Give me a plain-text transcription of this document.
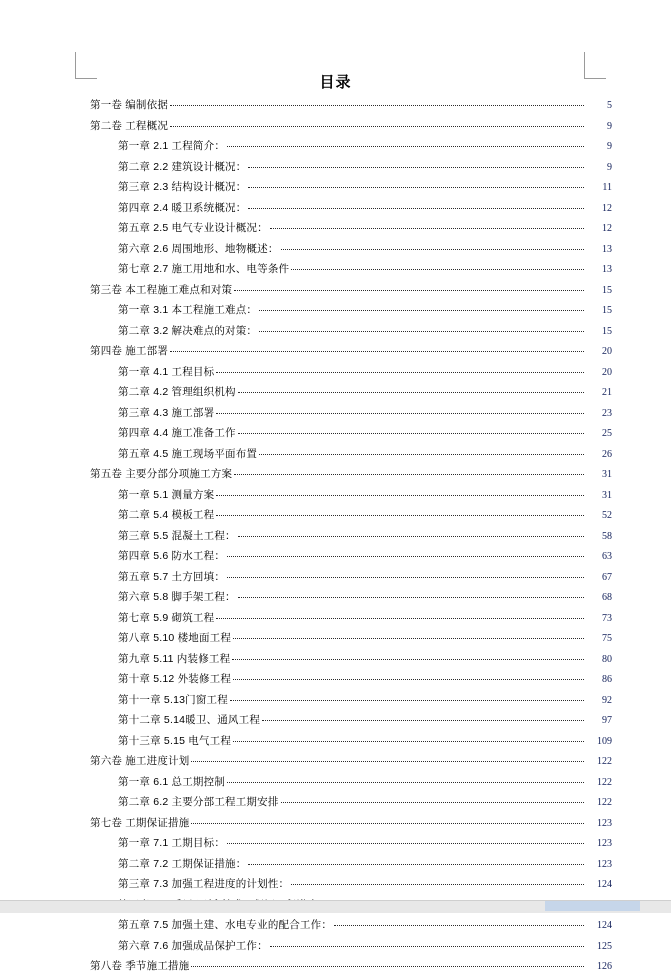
目录
第一卷 编制依据	5
第二卷 工程概况	9
第一章 2.1 工程简介：	9
第二章 2.2 建筑设计概况：	9
第三章 2.3 结构设计概况：	11
第四章 2.4 暖卫系统概况：	12
第五章 2.5 电气专业设计概况：	12
第六章 2.6 周围地形、地物概述：	13
第七章 2.7 施工用地和水、电等条件	13
第三卷 本工程施工难点和对策	15
第一章 3.1 本工程施工难点：	15
第二章 3.2 解决难点的对策：	15
第四卷 施工部署	20
第一章 4.1 工程目标	20
第二章 4.2 管理组织机构	21
第三章 4.3 施工部署	23
第四章 4.4 施工准备工作	25
第五章 4.5 施工现场平面布置	26
第五卷 主要分部分项施工方案	31
第一章 5.1 测量方案	31
第二章 5.4 模板工程	52
第三章 5.5 混凝土工程：	58
第四章 5.6 防水工程：	63
第五章 5.7 土方回填：	67
第六章 5.8 脚手架工程：	68
第七章 5.9 砌筑工程	73
第八章 5.10 楼地面工程	75
第九章 5.11 内装修工程	80
第十章 5.12 外装修工程	86
第十一章 5.13门窗工程	92
第十二章 5.14暖卫、通风工程	97
第十三章 5.15 电气工程	109
第六卷 施工进度计划	122
第一章 6.1 总工期控制	122
第二章 6.2 主要分部工程工期安排	122
第七卷 工期保证措施	123
第一章 7.1 工期目标：	123
第二章 7.2 工期保证措施：	123
第三章 7.3 加强工程进度的计划性：	124
第五章 7.5 加强土建、水电专业的配合工作：	124
第六章 7.6 加强成品保护工作：	125
第八卷 季节施工措施	126
